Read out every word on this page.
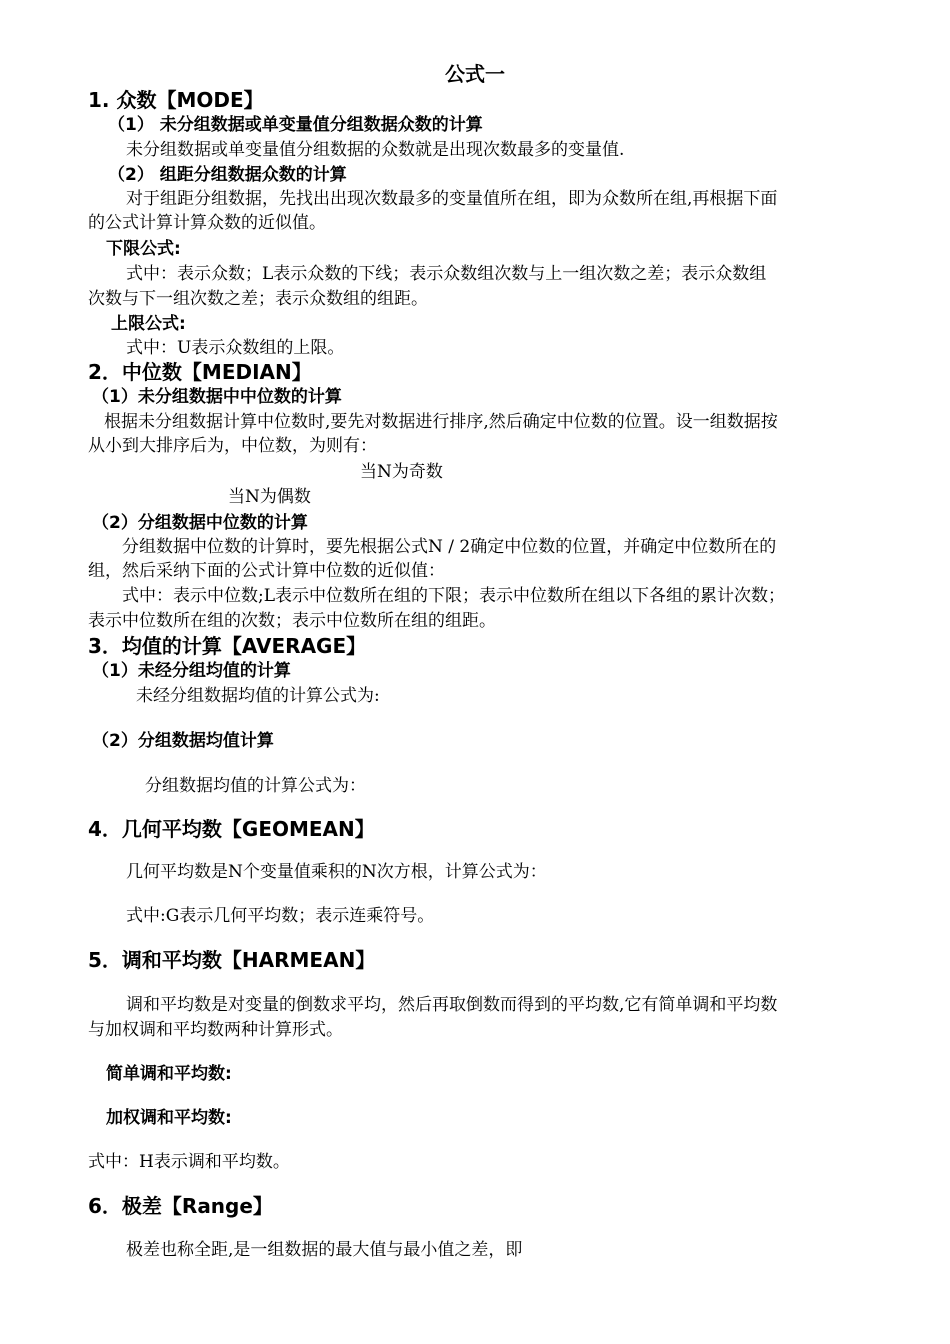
公式一
1. 众数【MODE】
（1） 未分组数据或单变量值分组数据众数的计算
未分组数据或单变量值分组数据的众数就是出现次数最多的变量值.
（2） 组距分组数据众数的计算
对于组距分组数据，先找出出现次数最多的变量值所在组，即为众数所在组,再根据下面
的公式计算计算众数的近似值。
下限公式:
式中：表示众数；L表示众数的下线；表示众数组次数与上一组次数之差；表示众数组
次数与下一组次数之差；表示众数组的组距。
上限公式:
式中：U表示众数组的上限。
2．中位数【MEDIAN】
（1）未分组数据中中位数的计算
根据未分组数据计算中位数时,要先对数据进行排序,然后确定中位数的位置。设一组数据按
从小到大排序后为，中位数，为则有：
当N为奇数
当N为偶数
（2）分组数据中位数的计算
分组数据中位数的计算时，要先根据公式N / 2确定中位数的位置，并确定中位数所在的
组，然后采纳下面的公式计算中位数的近似值：
式中：表示中位数;L表示中位数所在组的下限；表示中位数所在组以下各组的累计次数；
表示中位数所在组的次数；表示中位数所在组的组距。
3．均值的计算【AVERAGE】
（1）未经分组均值的计算
未经分组数据均值的计算公式为:
（2）分组数据均值计算
分组数据均值的计算公式为：
4．几何平均数【GEOMEAN】
几何平均数是N个变量值乘积的N次方根，计算公式为：
式中:G表示几何平均数；表示连乘符号。
5．调和平均数【HARMEAN】
调和平均数是对变量的倒数求平均，然后再取倒数而得到的平均数,它有简单调和平均数
与加权调和平均数两种计算形式。
简单调和平均数:
加权调和平均数:
式中：H表示调和平均数。
6．极差【Range】
极差也称全距,是一组数据的最大值与最小值之差，即
